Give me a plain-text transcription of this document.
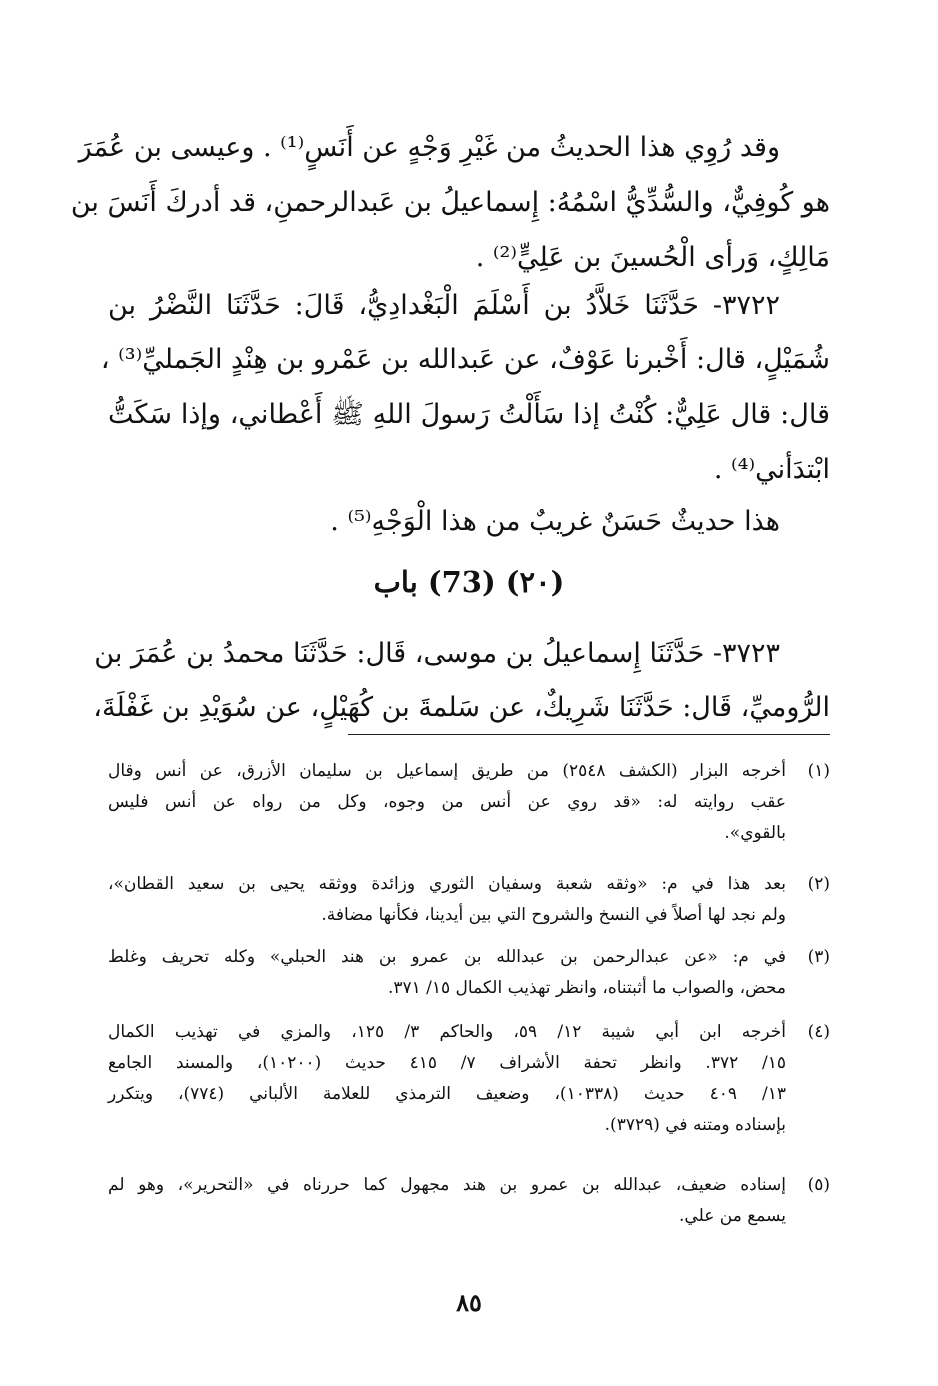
وقد رُوِي هذا الحديثُ من غَيْرِ وَجْهٍ عن أَنَسٍ⁽¹⁾ . وعيسى بن عُمَرَ
هو كُوفِيٌّ، والسُّدِّيُّ اسْمُهُ: إِسماعيلُ بن عَبدالرحمنِ، قد أدركَ أَنَسَ بن
مَالِكٍ، وَرأى الْحُسينَ بن عَلِيٍّ⁽²⁾ .
٣٧٢٢- حَدَّثَنَا خَلاَّدُ بن أَسْلَمَ الْبَغْدادِيُّ، قَالَ: حَدَّثَنَا النَّضْرُ بن
شُمَيْلٍ، قال: أَخْبرنا عَوْفٌ، عن عَبدالله بن عَمْرو بن هِنْدٍ الجَمليِّ⁽³⁾ ،
قال: قال عَلِيٌّ: كُنْتُ إذا سَأَلْتُ رَسولَ اللهِ ﷺ أَعْطاني، وإذا سَكَتُّ
ابْتدَأني⁽⁴⁾ .
هذا حديثٌ حَسَنٌ غريبٌ من هذا الْوَجْهِ⁽⁵⁾ .
(٢٠) (73) باب
٣٧٢٣- حَدَّثَنَا إِسماعيلُ بن موسى، قَال: حَدَّثَنَا محمدُ بن عُمَرَ بن
الرُّوميِّ، قَال: حَدَّثَنَا شَرِيكٌ، عن سَلمةَ بن كُهَيْلٍ، عن سُوَيْدِ بن غَفْلَةَ،
(١)
أخرجه البزار (الكشف ٢٥٤٨) من طريق إسماعيل بن سليمان الأزرق، عن أنس وقال
عقب روايته له: «قد روي عن أنس من وجوه، وكل من رواه عن أنس فليس
بالقوي».
(٢)
بعد هذا في م: «وثقه شعبة وسفيان الثوري وزائدة ووثقه يحيى بن سعيد القطان»،
ولم نجد لها أصلاً في النسخ والشروح التي بين أيدينا، فكأنها مضافة.
(٣)
في م: «عن عبدالرحمن بن عبدالله بن عمرو بن هند الحبلي» وكله تحريف وغلط
محض، والصواب ما أثبتناه، وانظر تهذيب الكمال ١٥/ ٣٧١.
(٤)
أخرجه ابن أبي شيبة ١٢/ ٥٩، والحاكم ٣/ ١٢٥، والمزي في تهذيب الكمال
١٥/ ٣٧٢. وانظر تحفة الأشراف ٧/ ٤١٥ حديث (١٠٢٠٠)، والمسند الجامع
١٣/ ٤٠٩ حديث (١٠٣٣٨)، وضعيف الترمذي للعلامة الألباني (٧٧٤)، ويتكرر
بإسناده ومتنه في (٣٧٢٩).
(٥)
إسناده ضعيف، عبدالله بن عمرو بن هند مجهول كما حررناه في «التحرير»، وهو لم
يسمع من علي.
٨٥
